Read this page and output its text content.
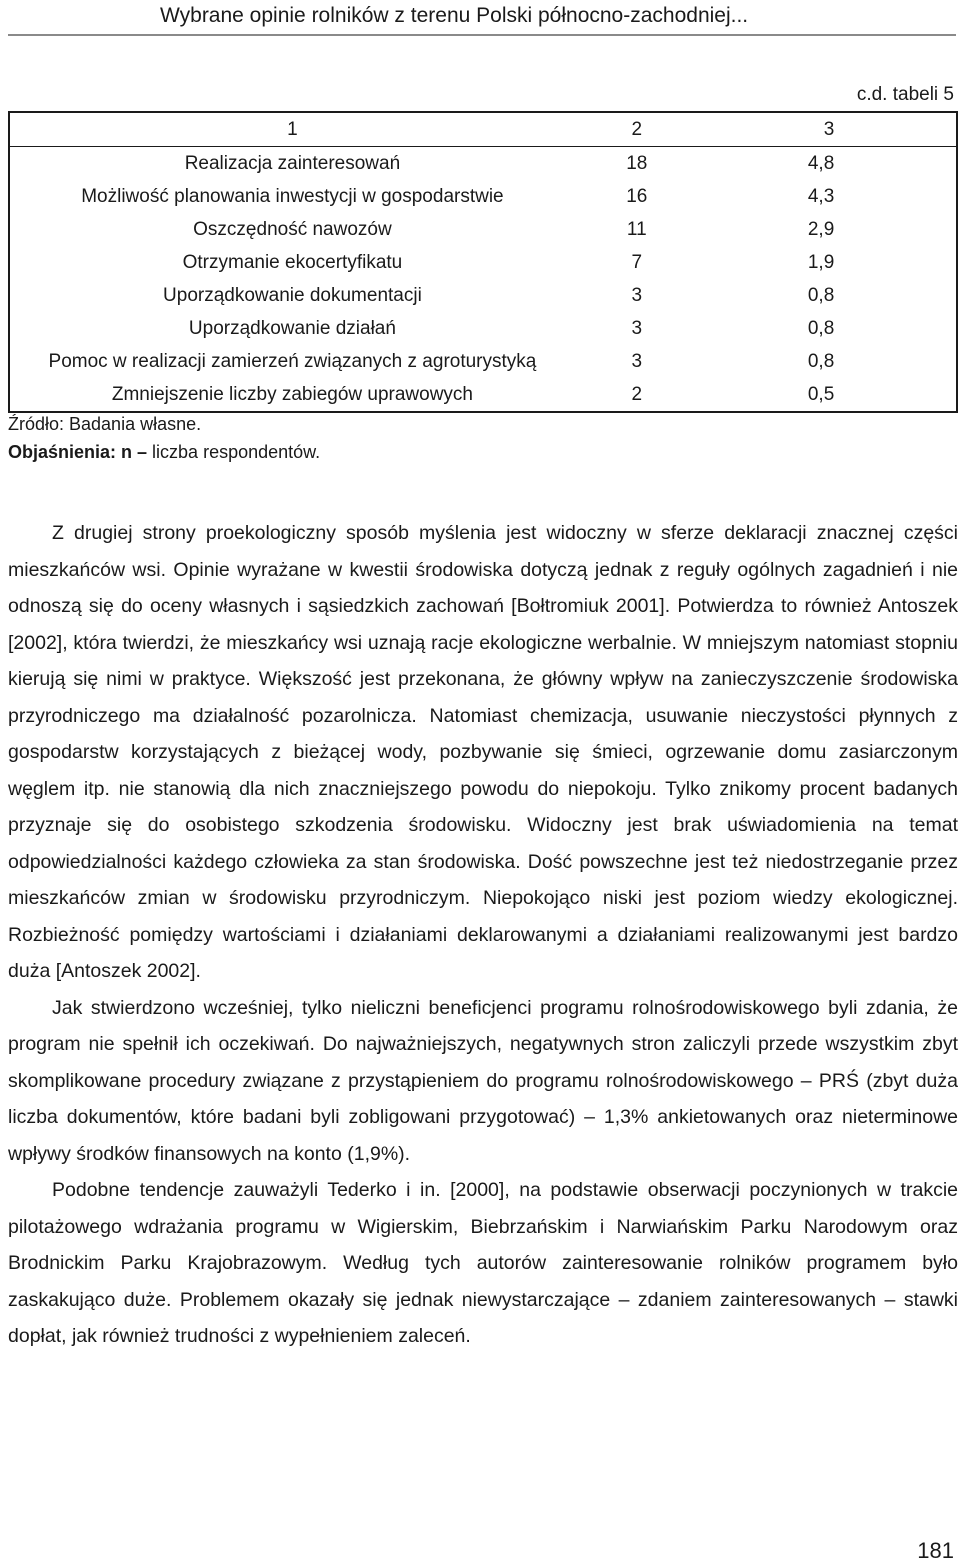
Wybrane opinie rolników z terenu Polski północno-zachodniej...
c.d. tabeli 5
1	2	3	
Realizacja zainteresowań	18	4,8	
Możliwość planowania inwestycji w gospodarstwie	16	4,3	
Oszczędność nawozów	11	2,9	
Otrzymanie ekocertyfikatu	7	1,9	
Uporządkowanie dokumentacji	3	0,8	
Uporządkowanie działań	3	0,8	
Pomoc w realizacji zamierzeń związanych z agroturystyką	3	0,8	
Zmniejszenie liczby zabiegów uprawowych	2	0,5	
Źródło: Badania własne.
Objaśnienia: n – liczba respondentów.

Z drugiej strony proekologiczny sposób myślenia jest widoczny w sferze deklaracji znacznej części mieszkańców wsi. Opinie wyrażane w kwestii środowiska dotyczą jednak z reguły ogólnych zagadnień i nie odnoszą się do oceny własnych i sąsiedzkich zachowań [Bołtromiuk 2001]. Potwierdza to również Antoszek [2002], która twierdzi, że mieszkańcy wsi uznają racje ekologiczne werbalnie. W mniejszym natomiast stopniu kierują się nimi w praktyce. Większość jest przekonana, że główny wpływ na zanieczyszczenie środowiska przyrodniczego ma działalność pozarolnicza. Natomiast chemizacja, usuwanie nieczystości płynnych z gospodarstw korzystających z bieżącej wody, pozbywanie się śmieci, ogrzewanie domu zasiarczonym węglem itp. nie stanowią dla nich znaczniejszego powodu do niepokoju. Tylko znikomy procent badanych przyznaje się do osobistego szkodzenia środowisku. Widoczny jest brak uświadomienia na temat odpowiedzialności każdego człowieka za stan środowiska. Dość powszechne jest też niedostrzeganie przez mieszkańców zmian w środowisku przyrodniczym. Niepokojąco niski jest poziom wiedzy ekologicznej. Rozbieżność pomiędzy wartościami i działaniami deklarowanymi a działaniami realizowanymi jest bardzo duża [Antoszek 2002].

Jak stwierdzono wcześniej, tylko nieliczni beneficjenci programu rolnośrodowiskowego byli zdania, że program nie spełnił ich oczekiwań. Do najważniejszych, negatywnych stron zaliczyli przede wszystkim zbyt skomplikowane procedury związane z przystąpieniem do programu rolnośrodowiskowego – PRŚ (zbyt duża liczba dokumentów, które badani byli zobligowani przygotować) – 1,3% ankietowanych oraz nieterminowe wpływy środków finansowych na konto (1,9%).

Podobne tendencje zauważyli Tederko i in. [2000], na podstawie obserwacji poczynionych w trakcie pilotażowego wdrażania programu w Wigierskim, Biebrzańskim i Narwiańskim Parku Narodowym oraz Brodnickim Parku Krajobrazowym. Według tych autorów zainteresowanie rolników programem było zaskakująco duże. Problemem okazały się jednak niewystarczające – zdaniem zainteresowanych – stawki dopłat, jak również trudności z wypełnieniem zaleceń.

181
